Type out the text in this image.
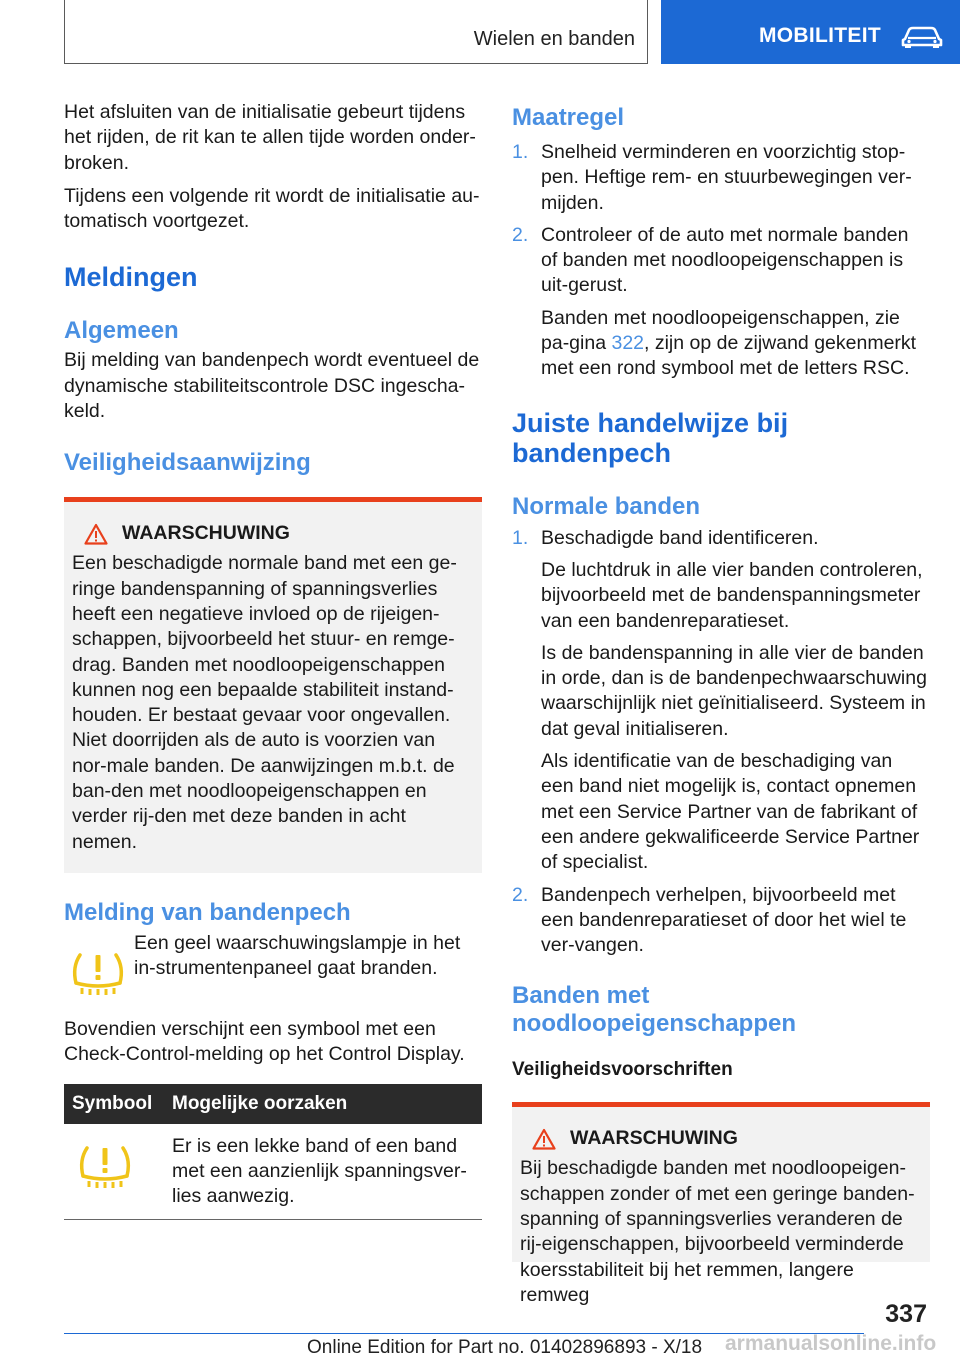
Wielen en banden	MOBILITEIT

Het afsluiten van de initialisatie gebeurt tijdens het rijden, de rit kan te allen tijde worden onder-broken.

Tijdens een volgende rit wordt de initialisatie au-tomatisch voortgezet.

Meldingen
Algemeen

Bij melding van bandenpech wordt eventueel de dynamische stabiliteitscontrole DSC ingescha-keld.

Veiligheidsaanwijzing
WAARSCHUWING

Een beschadigde normale band met een ge-ringe bandenspanning of spanningsverlies heeft een negatieve invloed op de rijeigen-schappen, bijvoorbeeld het stuur- en remge-drag. Banden met noodloopeigenschappen kunnen nog een bepaalde stabiliteit instand-houden. Er bestaat gevaar voor ongevallen. Niet doorrijden als de auto is voorzien van nor-male banden. De aanwijzingen m.b.t. de ban-den met noodloopeigenschappen en verder rij-den met deze banden in acht nemen.

Melding van bandenpech

Een geel waarschuwingslampje in het in-strumentenpaneel gaat branden.

Bovendien verschijnt een symbool met een Check-Control-melding op het Control Display.

Symbool	Mogelijke oorzaken
	Er is een lekke band of een band met een aanzienlijk spanningsver-lies aanwezig.
Maatregel
1. Snelheid verminderen en voorzichtig stop-pen. Heftige rem- en stuurbewegingen ver-mijden.

2. Controleer of de auto met normale banden of banden met noodloopeigenschappen is uit-gerust.

Banden met noodloopeigenschappen, zie pa-gina 322, zijn op de zijwand gekenmerkt met een rond symbool met de letters RSC.

Juiste handelwijze bij bandenpech
Normale banden
1. Beschadigde band identificeren.

De luchtdruk in alle vier banden controleren, bijvoorbeeld met de bandenspanningsmeter van een bandenreparatieset.

Is de bandenspanning in alle vier de banden in orde, dan is de bandenpechwaarschuwing waarschijnlijk niet geïnitialiseerd. Systeem in dat geval initialiseren.

Als identificatie van de beschadiging van een band niet mogelijk is, contact opnemen met een Service Partner van de fabrikant of een andere gekwalificeerde Service Partner of specialist.

2. Bandenpech verhelpen, bijvoorbeeld met een bandenreparatieset of door het wiel te ver-vangen.

Banden met noodloopeigenschappen
Veiligheidsvoorschriften
WAARSCHUWING

Bij beschadigde banden met noodloopeigen-schappen zonder of met een geringe banden-spanning of spanningsverlies veranderen de rij-eigenschappen, bijvoorbeeld verminderde koersstabiliteit bij het remmen, langere remweg

337
Online Edition for Part no. 01402896893 - X/18 armanualsonline.info
